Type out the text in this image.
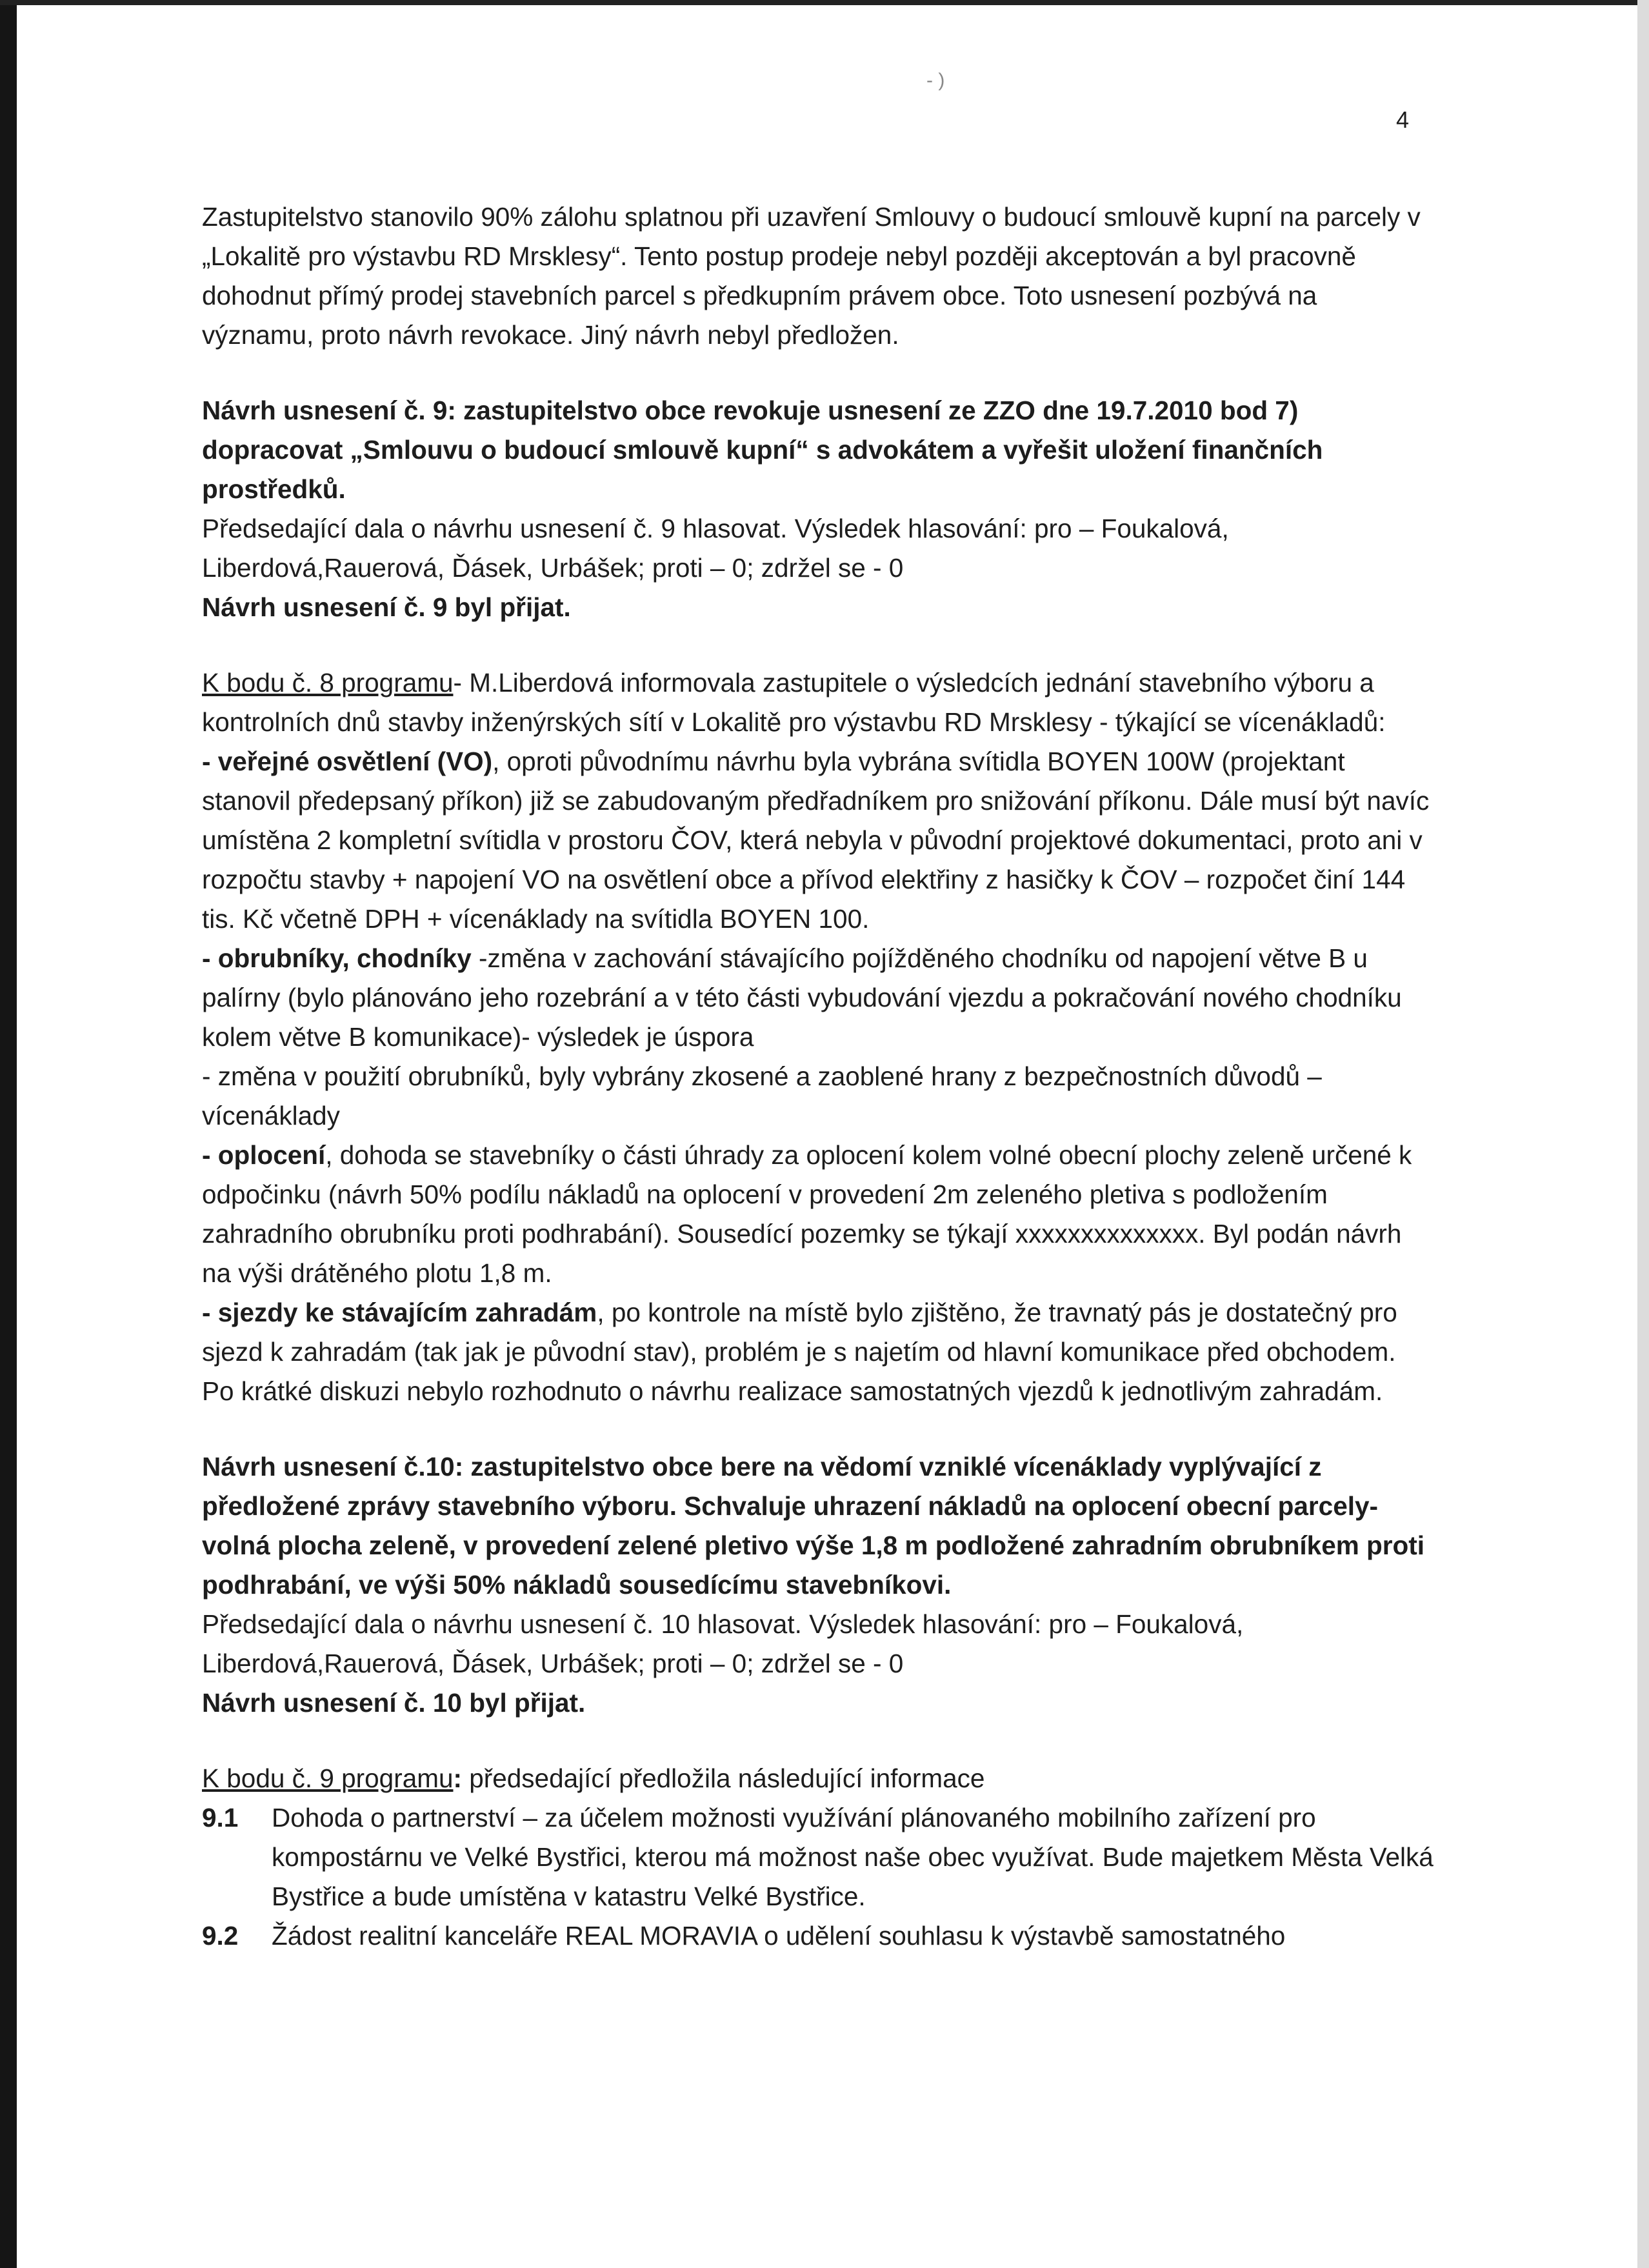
- )
4

Zastupitelstvo stanovilo 90% zálohu splatnou při uzavření Smlouvy o budoucí smlouvě kupní na parcely v „Lokalitě pro výstavbu RD Mrsklesy“. Tento postup prodeje nebyl později akceptován a byl pracovně dohodnut přímý prodej stavebních parcel s předkupním právem obce. Toto usnesení pozbývá na významu, proto návrh revokace. Jiný návrh nebyl předložen.

Návrh usnesení č. 9: zastupitelstvo obce revokuje usnesení ze ZZO dne 19.7.2010 bod 7) dopracovat „Smlouvu o budoucí smlouvě kupní“ s advokátem a vyřešit uložení finančních prostředků.

Předsedající dala o návrhu usnesení č. 9 hlasovat. Výsledek hlasování: pro – Foukalová, Liberdová,Rauerová, Ďásek, Urbášek; proti – 0; zdržel se - 0

Návrh usnesení č. 9 byl přijat.

K bodu č. 8 programu- M.Liberdová informovala zastupitele o výsledcích jednání stavebního výboru a kontrolních dnů stavby inženýrských sítí v Lokalitě pro výstavbu RD Mrsklesy - týkající se vícenákladů:

- veřejné osvětlení (VO), oproti původnímu návrhu byla vybrána svítidla BOYEN 100W (projektant stanovil předepsaný příkon) již se zabudovaným předřadníkem pro snižování příkonu. Dále musí být navíc umístěna 2 kompletní svítidla v prostoru ČOV, která nebyla v původní projektové dokumentaci, proto ani v rozpočtu stavby + napojení VO na osvětlení obce a přívod elektřiny z hasičky k ČOV – rozpočet činí 144 tis. Kč včetně DPH + vícenáklady na svítidla BOYEN 100.

- obrubníky, chodníky -změna v zachování stávajícího pojížděného chodníku od napojení větve B u palírny (bylo plánováno jeho rozebrání a v této části vybudování vjezdu a pokračování nového chodníku kolem větve B komunikace)- výsledek je úspora

- změna v použití obrubníků, byly vybrány zkosené a zaoblené hrany z bezpečnostních důvodů – vícenáklady

- oplocení, dohoda se stavebníky o části úhrady za oplocení kolem volné obecní plochy zeleně určené k odpočinku (návrh 50% podílu nákladů na oplocení v provedení 2m zeleného pletiva s podložením zahradního obrubníku proti podhrabání). Sousedící pozemky se týkají xxxxxxxxxxxxxx. Byl podán návrh na výši drátěného plotu 1,8 m.

- sjezdy ke stávajícím zahradám, po kontrole na místě bylo zjištěno, že travnatý pás je dostatečný pro sjezd k zahradám (tak jak je původní stav), problém je s najetím od hlavní komunikace před obchodem. Po krátké diskuzi nebylo rozhodnuto o návrhu realizace samostatných vjezdů k jednotlivým zahradám.

Návrh usnesení č.10: zastupitelstvo obce bere na vědomí vzniklé vícenáklady vyplývající z předložené zprávy stavebního výboru. Schvaluje uhrazení nákladů na oplocení obecní parcely- volná plocha zeleně, v provedení zelené pletivo výše 1,8 m podložené zahradním obrubníkem proti podhrabání, ve výši 50% nákladů sousedícímu stavebníkovi.

Předsedající dala o návrhu usnesení č. 10 hlasovat. Výsledek hlasování: pro – Foukalová, Liberdová,Rauerová, Ďásek, Urbášek; proti – 0; zdržel se - 0

Návrh usnesení č. 10 byl přijat.

K bodu č. 9 programu: předsedající předložila následující informace

9.1	Dohoda o partnerství – za účelem možnosti využívání plánovaného mobilního zařízení pro kompostárnu ve Velké Bystřici, kterou má možnost naše obec využívat. Bude majetkem Města Velká Bystřice a bude umístěna v katastru Velké Bystřice.
9.2	Žádost realitní kanceláře REAL MORAVIA o udělení souhlasu k výstavbě samostatného
